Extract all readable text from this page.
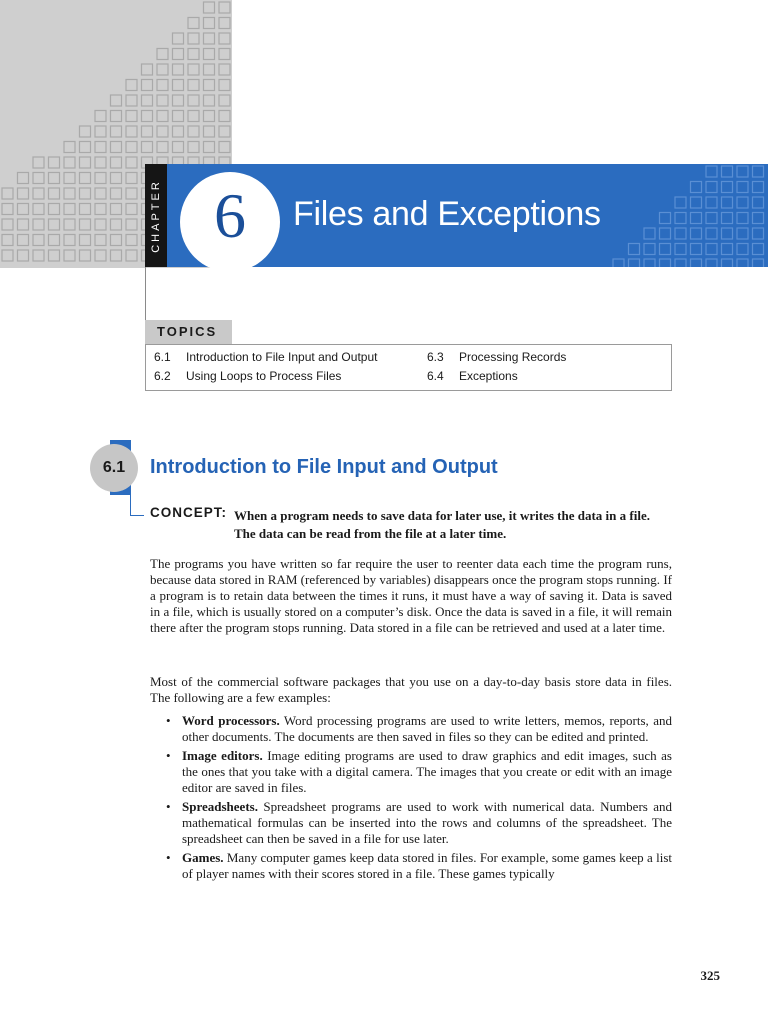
CHAPTER 6	Files and Exceptions
TOPICS
6.1 Introduction to File Input and Output
6.2 Using Loops to Process Files
6.3 Processing Records
6.4 Exceptions
6.1	Introduction to File Input and Output
CONCEPT: When a program needs to save data for later use, it writes the data in a file. The data can be read from the file at a later time.

The programs you have written so far require the user to reenter data each time the program runs, because data stored in RAM (referenced by variables) disappears once the program stops running. If a program is to retain data between the times it runs, it must have a way of saving it. Data is saved in a file, which is usually stored on a computer’s disk. Once the data is saved in a file, it will remain there after the program stops running. Data stored in a file can be retrieved and used at a later time.

Most of the commercial software packages that you use on a day-to-day basis store data in files. The following are a few examples:

• Word processors. Word processing programs are used to write letters, memos, reports, and other documents. The documents are then saved in files so they can be edited and printed.
• Image editors. Image editing programs are used to draw graphics and edit images, such as the ones that you take with a digital camera. The images that you create or edit with an image editor are saved in files.
• Spreadsheets. Spreadsheet programs are used to work with numerical data. Numbers and mathematical formulas can be inserted into the rows and columns of the spreadsheet. The spreadsheet can then be saved in a file for use later.
• Games. Many computer games keep data stored in files. For example, some games keep a list of player names with their scores stored in a file. These games typically
325
